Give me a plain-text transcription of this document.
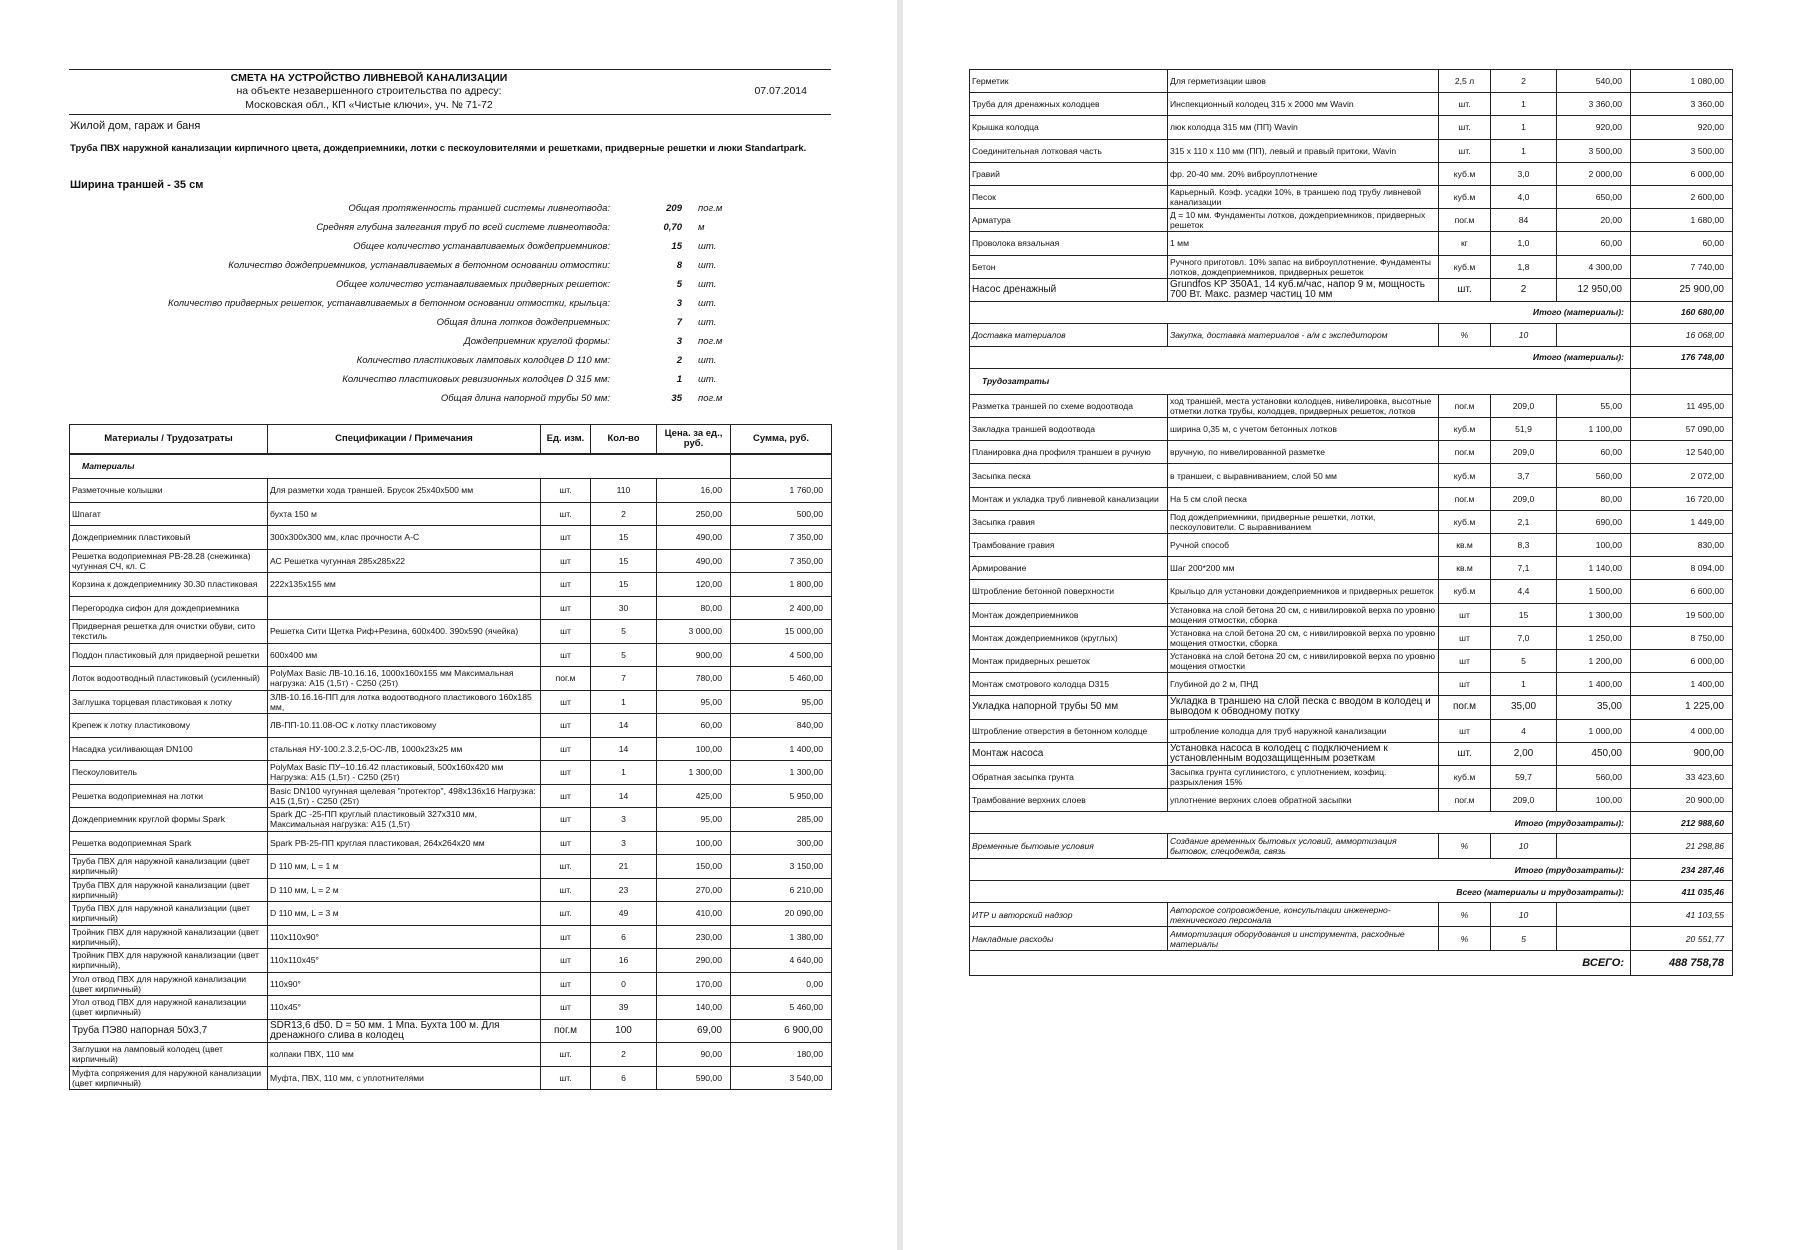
СМЕТА НА УСТРОЙСТВО ЛИВНЕВОЙ КАНАЛИЗАЦИИ
на объекте незавершенного строительства по адресу:
Московская обл., КП «Чистые ключи», уч. № 71-72
07.07.2014
Жилой дом, гараж и баня
Труба ПВХ наружной канализации кирпичного цвета, дождеприемники, лотки с пескоуловителями и решетками, придверные решетки и люки Standartpark.
Ширина траншей - 35 см
Общая протяженность траншей системы ливнеотвода:	209 пог.м
Средняя глубина залегания труб по всей системе ливнеотвода:	0,70 м
Общее количество устанавливаемых дождеприемников:	15 шт.
Количество дождеприемников, устанавливаемых в бетонном основании отмостки:	8 шт.
Общее количество устанавливаемых придверных решеток:	5 шт.
Количество придверных решеток, устанавливаемых в бетонном основании отмостки, крыльца:	3 шт.
Общая длина лотков дождеприемных:	7 шт.
Дождеприемник круглой формы:	3 пог.м
Количество пластиковых ламповых колодцев D 110 мм:	2 шт.
Количество пластиковых ревизионных колодцев D 315 мм:	1 шт.
Общая длина напорной трубы 50 мм:	35 пог.м
Материалы / Трудозатраты	Спецификации / Примечания	Ед. изм.	Кол-во	Цена. за ед., руб.	Сумма, руб.
Материалы					
Разметочные колышки	Для разметки хода траншей. Брусок 25х40х500 мм	шт.	110	16,00	1 760,00
Шпагат	бухта 150 м	шт.	2	250,00	500,00
Дождеприемник пластиковый	300х300х300 мм, клас прочности А-С	шт	15	490,00	7 350,00
Решетка водоприемная РВ-28.28 (снежинка) чугунная СЧ, кл. С	АС Решетка чугунная 285х285х22	шт	15	490,00	7 350,00
Корзина к дождеприемнику 30.30 пластиковая	222х135х155 мм	шт	15	120,00	1 800,00
Перегородка сифон для дождеприемника		шт	30	80,00	2 400,00
Придверная решетка для очистки обуви, сито текстиль	Решетка Сити Щетка Риф+Резина, 600х400. 390х590 (ячейка)	шт	5	3 000,00	15 000,00
Поддон пластиковый для придверной решетки	600х400 мм	шт	5	900,00	4 500,00
Лоток водоотводный пластиковый (усиленный)	PolyMax Basic ЛВ-10.16.16, 1000х160х155 мм Максимальная нагрузка: A15 (1,5т) - C250 (25т)	пог.м	7	780,00	5 460,00
Заглушка торцевая пластиковая к лотку	ЗЛВ-10.16.16-ПП для лотка водоотводного пластикового 160х185 мм,	шт	1	95,00	95,00
Крепеж к лотку пластиковому	ЛВ-ПП-10.11.08-ОС к лотку пластиковому	шт	14	60,00	840,00
Насадка усиливающая DN100	стальная НУ-100.2.3.2,5-ОС-ЛВ, 1000х23х25 мм	шт	14	100,00	1 400,00
Пескоуловитель	PolyMax Basic ПУ–10.16.42 пластиковый, 500х160х420 мм Нагрузка: A15 (1,5т) - C250 (25т)	шт	1	1 300,00	1 300,00
Решетка водоприемная на лотки	Basic DN100 чугунная щелевая "протектор", 498х136х16 Нагрузка: A15 (1,5т) - C250 (25т)	шт	14	425,00	5 950,00
Дождеприемник круглой формы Spark	Spark ДС -25-ПП круглый пластиковый 327х310 мм, Максимальная нагрузка: A15 (1,5т)	шт	3	95,00	285,00
Решетка водоприемная Spark	Spark РВ-25-ПП круглая пластиковая, 264х264х20 мм	шт	3	100,00	300,00
Труба ПВХ для наружной канализации (цвет кирпичный)	D 110 мм, L = 1 м	шт.	21	150,00	3 150,00
Труба ПВХ для наружной канализации (цвет кирпичный)	D 110 мм, L = 2 м	шт.	23	270,00	6 210,00
Труба ПВХ для наружной канализации (цвет кирпичный)	D 110 мм, L = 3 м	шт.	49	410,00	20 090,00
Тройник ПВХ для наружной канализации (цвет кирпичный),	110х110х90°	шт	6	230,00	1 380,00
Тройник ПВХ для наружной канализации (цвет кирпичный),	110х110х45°	шт	16	290,00	4 640,00
Угол отвод ПВХ для наружной канализации (цвет кирпичный)	110х90°	шт	0	170,00	0,00
Угол отвод ПВХ для наружной канализации (цвет кирпичный)	110х45°	шт	39	140,00	5 460,00
Труба ПЭ80 напорная 50х3,7	SDR13,6 d50. D = 50 мм. 1 Мпа. Бухта 100 м. Для дренажного слива в колодец	пог.м	100	69,00	6 900,00
Заглушки на ламповый колодец (цвет кирпичный)	колпаки ПВХ, 110 мм	шт.	2	90,00	180,00
Муфта сопряжения для наружной канализации (цвет кирпичный)	Муфта, ПВХ, 110 мм, с уплотнителями	шт.	6	590,00	3 540,00
Герметик	Для герметизации швов	2,5 л	2	540,00	1 080,00
Труба для дренажных колодцев	Инспекционный колодец 315 х 2000 мм Wavin	шт.	1	3 360,00	3 360,00
Крышка колодца	люк колодца 315 мм (ПП) Wavin	шт.	1	920,00	920,00
Соединительная лотковая часть	315 х 110 х 110 мм (ПП), левый и правый притоки, Wavin	шт.	1	3 500,00	3 500,00
Гравий	фр. 20-40 мм. 20% виброуплотнение	куб.м	3,0	2 000,00	6 000,00
Песок	Карьерный. Коэф. усадки 10%, в траншею под трубу ливневой канализации	куб.м	4,0	650,00	2 600,00
Арматура	Д = 10 мм. Фундаменты лотков, дождеприемников, придверных решеток	пог.м	84	20,00	1 680,00
Проволока вязальная	1 мм	кг	1,0	60,00	60,00
Бетон	Ручного приготовл. 10% запас на виброуплотнение. Фундаменты лотков, дождеприемников, придверных решеток	куб.м	1,8	4 300,00	7 740,00
Насос дренажный	Grundfos KP 350A1, 14 куб.м/час, напор 9 м, мощность 700 Вт. Макс. размер частиц 10 мм	шт.	2	12 950,00	25 900,00
Итого (материалы):					160 680,00
Доставка материалов	Закупка, доставка материалов - а/м с экспедитором	%	10		16 068,00
Итого (материалы):					176 748,00
Трудозатраты					
Разметка траншей по схеме водоотвода	ход траншей, места установки колодцев, нивелировка, высотные отметки лотка трубы, колодцев, придверных решеток, лотков	пог.м	209,0	55,00	11 495,00
Закладка траншей водоотвода	ширина 0,35 м, с учетом бетонных лотков	куб.м	51,9	1 100,00	57 090,00
Планировка дна профиля траншеи в ручную	вручную, по нивелированной разметке	пог.м	209,0	60,00	12 540,00
Засыпка песка	в траншеи, с выравниванием, слой 50 мм	куб.м	3,7	560,00	2 072,00
Монтаж и укладка труб ливневой канализации	На 5 см слой песка	пог.м	209,0	80,00	16 720,00
Засыпка гравия	Под дождеприемники, придверные решетки, лотки, пескоуловители. С выравниванием	куб.м	2,1	690,00	1 449,00
Трамбование гравия	Ручной способ	кв.м	8,3	100,00	830,00
Армирование	Шаг 200*200 мм	кв.м	7,1	1 140,00	8 094,00
Штробление бетонной поверхности	Крыльцо для установки дождеприемников и придверных решеток	куб.м	4,4	1 500,00	6 600,00
Монтаж дождеприемников	Установка на слой бетона 20 см, с нивилировкой верха по уровню мощения отмостки, сборка	шт	15	1 300,00	19 500,00
Монтаж дождеприемников (круглых)	Установка на слой бетона 20 см, с нивилировкой верха по уровню мощения отмостки, сборка	шт	7,0	1 250,00	8 750,00
Монтаж придверных решеток	Установка на слой бетона 20 см, с нивилировкой верха по уровню мощения отмостки	шт	5	1 200,00	6 000,00
Монтаж смотрового колодца D315	Глубиной до 2 м, ПНД	шт	1	1 400,00	1 400,00
Укладка напорной трубы 50 мм	Укладка в траншею на слой песка с вводом в колодец и выводом к обводному потку	пог.м	35,00	35,00	1 225,00
Штробление отверстия в бетонном колодце	штробление колодца для труб наружной канализации	шт	4	1 000,00	4 000,00
Монтаж насоса	Установка насоса в колодец с подключением к установленным водозащищенным розеткам	шт.	2,00	450,00	900,00
Обратная засыпка грунта	Засыпка грунта суглинистого, с уплотнением, коэфиц. разрыхления 15%	куб.м	59,7	560,00	33 423,60
Трамбование верхних слоев	уплотнение верхних слоев обратной засыпки	пог.м	209,0	100,00	20 900,00
Итого (трудозатраты):					212 988,60
Временные бытовые условия	Создание временных бытовых условий, аммортизация бытовок, спецодежда, связь	%	10		21 298,86
Итого (трудозатраты):					234 287,46
Всего (материалы и трудозатраты):					411 035,46
ИТР и авторский надзор	Авторское сопровождение, консультации инженерно-технического персонала	%	10		41 103,55
Накладные расходы	Аммортизация оборудования и инструмента, расходные материалы	%	5		20 551,77
ВСЕГО:					488 758,78
